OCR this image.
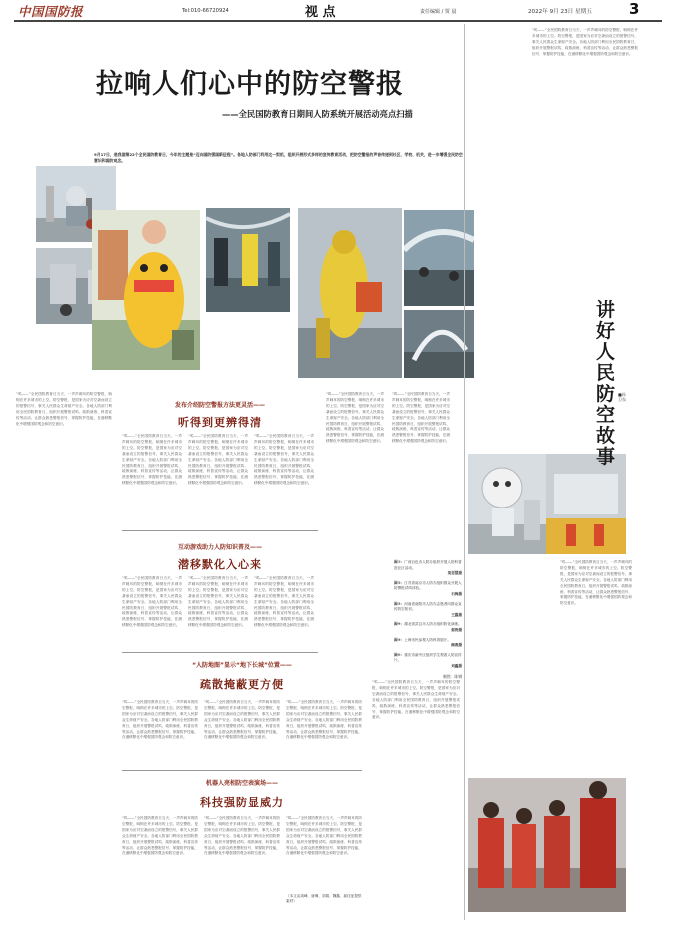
中国国防报	Tel:010-66720924	视 点	责任编辑 / 贾 晨	2022年 9月 23日 星期五 3
拉响人们心中的防空警报
——全民国防教育日期间人防系统开展活动亮点扫描
9月17日，是我国第22个全民国防教育日，今年的主题是“迈向国防强国新征程”。各地人防部门利用这一契机，组织开展形式多样的宣传教育活动，把防空警报的声音传递到社区、学校、机关，进一步增强全民防空意识和国防观念。
“鸣——”全民国防教育日当天，一声声刺耳的防空警报，响彻在许多城市的上空。防空警报，是国家为应对空袭而设立的报警信号，事关人民群众生命财产安全。各地人防部门利用全民国防教育日，组织开展警报试鸣、疏散演练、科普宣传等活动，让群众熟悉警报信号、掌握防护技能，在潜移默化中增强国防观念和防空意识。
发布介绍防空警报方法更灵活——
听得到更辨得清
“鸣——”全民国防教育日当天，一声声刺耳的防空警报，响彻在许多城市的上空。防空警报，是国家为应对空袭而设立的报警信号，事关人民群众生命财产安全。各地人防部门利用全民国防教育日，组织开展警报试鸣、疏散演练、科普宣传等活动，让群众熟悉警报信号、掌握防护技能，在潜移默化中增强国防观念和防空意识。
“鸣——”全民国防教育日当天，一声声刺耳的防空警报，响彻在许多城市的上空。防空警报，是国家为应对空袭而设立的报警信号，事关人民群众生命财产安全。各地人防部门利用全民国防教育日，组织开展警报试鸣、疏散演练、科普宣传等活动，让群众熟悉警报信号、掌握防护技能，在潜移默化中增强国防观念和防空意识。
“鸣——”全民国防教育日当天，一声声刺耳的防空警报，响彻在许多城市的上空。防空警报，是国家为应对空袭而设立的报警信号，事关人民群众生命财产安全。各地人防部门利用全民国防教育日，组织开展警报试鸣、疏散演练、科普宣传等活动，让群众熟悉警报信号、掌握防护技能，在潜移默化中增强国防观念和防空意识。
互动游戏助力人防知识普及——
潜移默化入心来
“鸣——”全民国防教育日当天，一声声刺耳的防空警报，响彻在许多城市的上空。防空警报，是国家为应对空袭而设立的报警信号，事关人民群众生命财产安全。各地人防部门利用全民国防教育日，组织开展警报试鸣、疏散演练、科普宣传等活动，让群众熟悉警报信号、掌握防护技能，在潜移默化中增强国防观念和防空意识。
“鸣——”全民国防教育日当天，一声声刺耳的防空警报，响彻在许多城市的上空。防空警报，是国家为应对空袭而设立的报警信号，事关人民群众生命财产安全。各地人防部门利用全民国防教育日，组织开展警报试鸣、疏散演练、科普宣传等活动，让群众熟悉警报信号、掌握防护技能，在潜移默化中增强国防观念和防空意识。
“鸣——”全民国防教育日当天，一声声刺耳的防空警报，响彻在许多城市的上空。防空警报，是国家为应对空袭而设立的报警信号，事关人民群众生命财产安全。各地人防部门利用全民国防教育日，组织开展警报试鸣、疏散演练、科普宣传等活动，让群众熟悉警报信号、掌握防护技能，在潜移默化中增强国防观念和防空意识。
“人防地图”显示“地下长城”位置——
疏散掩蔽更方便
“鸣——”全民国防教育日当天，一声声刺耳的防空警报，响彻在许多城市的上空。防空警报，是国家为应对空袭而设立的报警信号，事关人民群众生命财产安全。各地人防部门利用全民国防教育日，组织开展警报试鸣、疏散演练、科普宣传等活动，让群众熟悉警报信号、掌握防护技能，在潜移默化中增强国防观念和防空意识。
“鸣——”全民国防教育日当天，一声声刺耳的防空警报，响彻在许多城市的上空。防空警报，是国家为应对空袭而设立的报警信号，事关人民群众生命财产安全。各地人防部门利用全民国防教育日，组织开展警报试鸣、疏散演练、科普宣传等活动，让群众熟悉警报信号、掌握防护技能，在潜移默化中增强国防观念和防空意识。
“鸣——”全民国防教育日当天，一声声刺耳的防空警报，响彻在许多城市的上空。防空警报，是国家为应对空袭而设立的报警信号，事关人民群众生命财产安全。各地人防部门利用全民国防教育日，组织开展警报试鸣、疏散演练、科普宣传等活动，让群众熟悉警报信号、掌握防护技能，在潜移默化中增强国防观念和防空意识。
机器人亮相防空表演场——
科技强防显威力
“鸣——”全民国防教育日当天，一声声刺耳的防空警报，响彻在许多城市的上空。防空警报，是国家为应对空袭而设立的报警信号，事关人民群众生命财产安全。各地人防部门利用全民国防教育日，组织开展警报试鸣、疏散演练、科普宣传等活动，让群众熟悉警报信号、掌握防护技能，在潜移默化中增强国防观念和防空意识。
“鸣——”全民国防教育日当天，一声声刺耳的防空警报，响彻在许多城市的上空。防空警报，是国家为应对空袭而设立的报警信号，事关人民群众生命财产安全。各地人防部门利用全民国防教育日，组织开展警报试鸣、疏散演练、科普宣传等活动，让群众熟悉警报信号、掌握防护技能，在潜移默化中增强国防观念和防空意识。
“鸣——”全民国防教育日当天，一声声刺耳的防空警报，响彻在许多城市的上空。防空警报，是国家为应对空袭而设立的报警信号，事关人民群众生命财产安全。各地人防部门利用全民国防教育日，组织开展警报试鸣、疏散演练、科普宣传等活动，让群众熟悉警报信号、掌握防护技能，在潜移默化中增强国防观念和防空意识。
（本文由周峰、唐琳、刘娟、魏鑫、郝佳征提供素材）
“鸣——”全民国防教育日当天，一声声刺耳的防空警报，响彻在许多城市的上空。防空警报，是国家为应对空袭而设立的报警信号，事关人民群众生命财产安全。各地人防部门利用全民国防教育日，组织开展警报试鸣、疏散演练、科普宣传等活动，让群众熟悉警报信号、掌握防护技能，在潜移默化中增强国防观念和防空意识。
“鸣——”全民国防教育日当天，一声声刺耳的防空警报，响彻在许多城市的上空。防空警报，是国家为应对空袭而设立的报警信号，事关人民群众生命财产安全。各地人防部门利用全民国防教育日，组织开展警报试鸣、疏散演练、科普宣传等活动，让群众熟悉警报信号、掌握防护技能，在潜移默化中增强国防观念和防空意识。
“鸣——”全民国防教育日当天，一声声刺耳的防空警报，响彻在许多城市的上空。防空警报，是国家为应对空袭而设立的报警信号，事关人民群众生命财产安全。各地人防部门利用全民国防教育日，组织开展警报试鸣、疏散演练、科普宣传等活动，让群众熟悉警报信号、掌握防护技能，在潜移默化中增强国防观念和防空意识。
图①：广西百色市人防办组织开展人防科普进社区活动。
莫思慧摄
图②：江苏省南京市人防办组织群众开展人防警报试鸣体验。
石梅摄
图③：河南省南阳市人防办志愿者向群众宣传防空知识。
王露摄
图④：湖北省武汉市人防办组织防化演练。
郭涛摄
图⑤：上海市民参观人防科普展厅。
顾燕摄
图⑥：重庆市渝中区组织学生观看人防宣传片。
刘鑫摄
制图：陈钢
“鸣——”全民国防教育日当天，一声声刺耳的防空警报，响彻在许多城市的上空。防空警报，是国家为应对空袭而设立的报警信号，事关人民群众生命财产安全。各地人防部门利用全民国防教育日，组织开展警报试鸣、疏散演练、科普宣传等活动，让群众熟悉警报信号、掌握防护技能，在潜移默化中增强国防观念和防空意识。
讲好人民防空故事
■孙卫东
“鸣——”全民国防教育日当天，一声声刺耳的防空警报，响彻在许多城市的上空。防空警报，是国家为应对空袭而设立的报警信号，事关人民群众生命财产安全。各地人防部门利用全民国防教育日，组织开展警报试鸣、疏散演练、科普宣传等活动，让群众熟悉警报信号、掌握防护技能，在潜移默化中增强国防观念和防空意识。
